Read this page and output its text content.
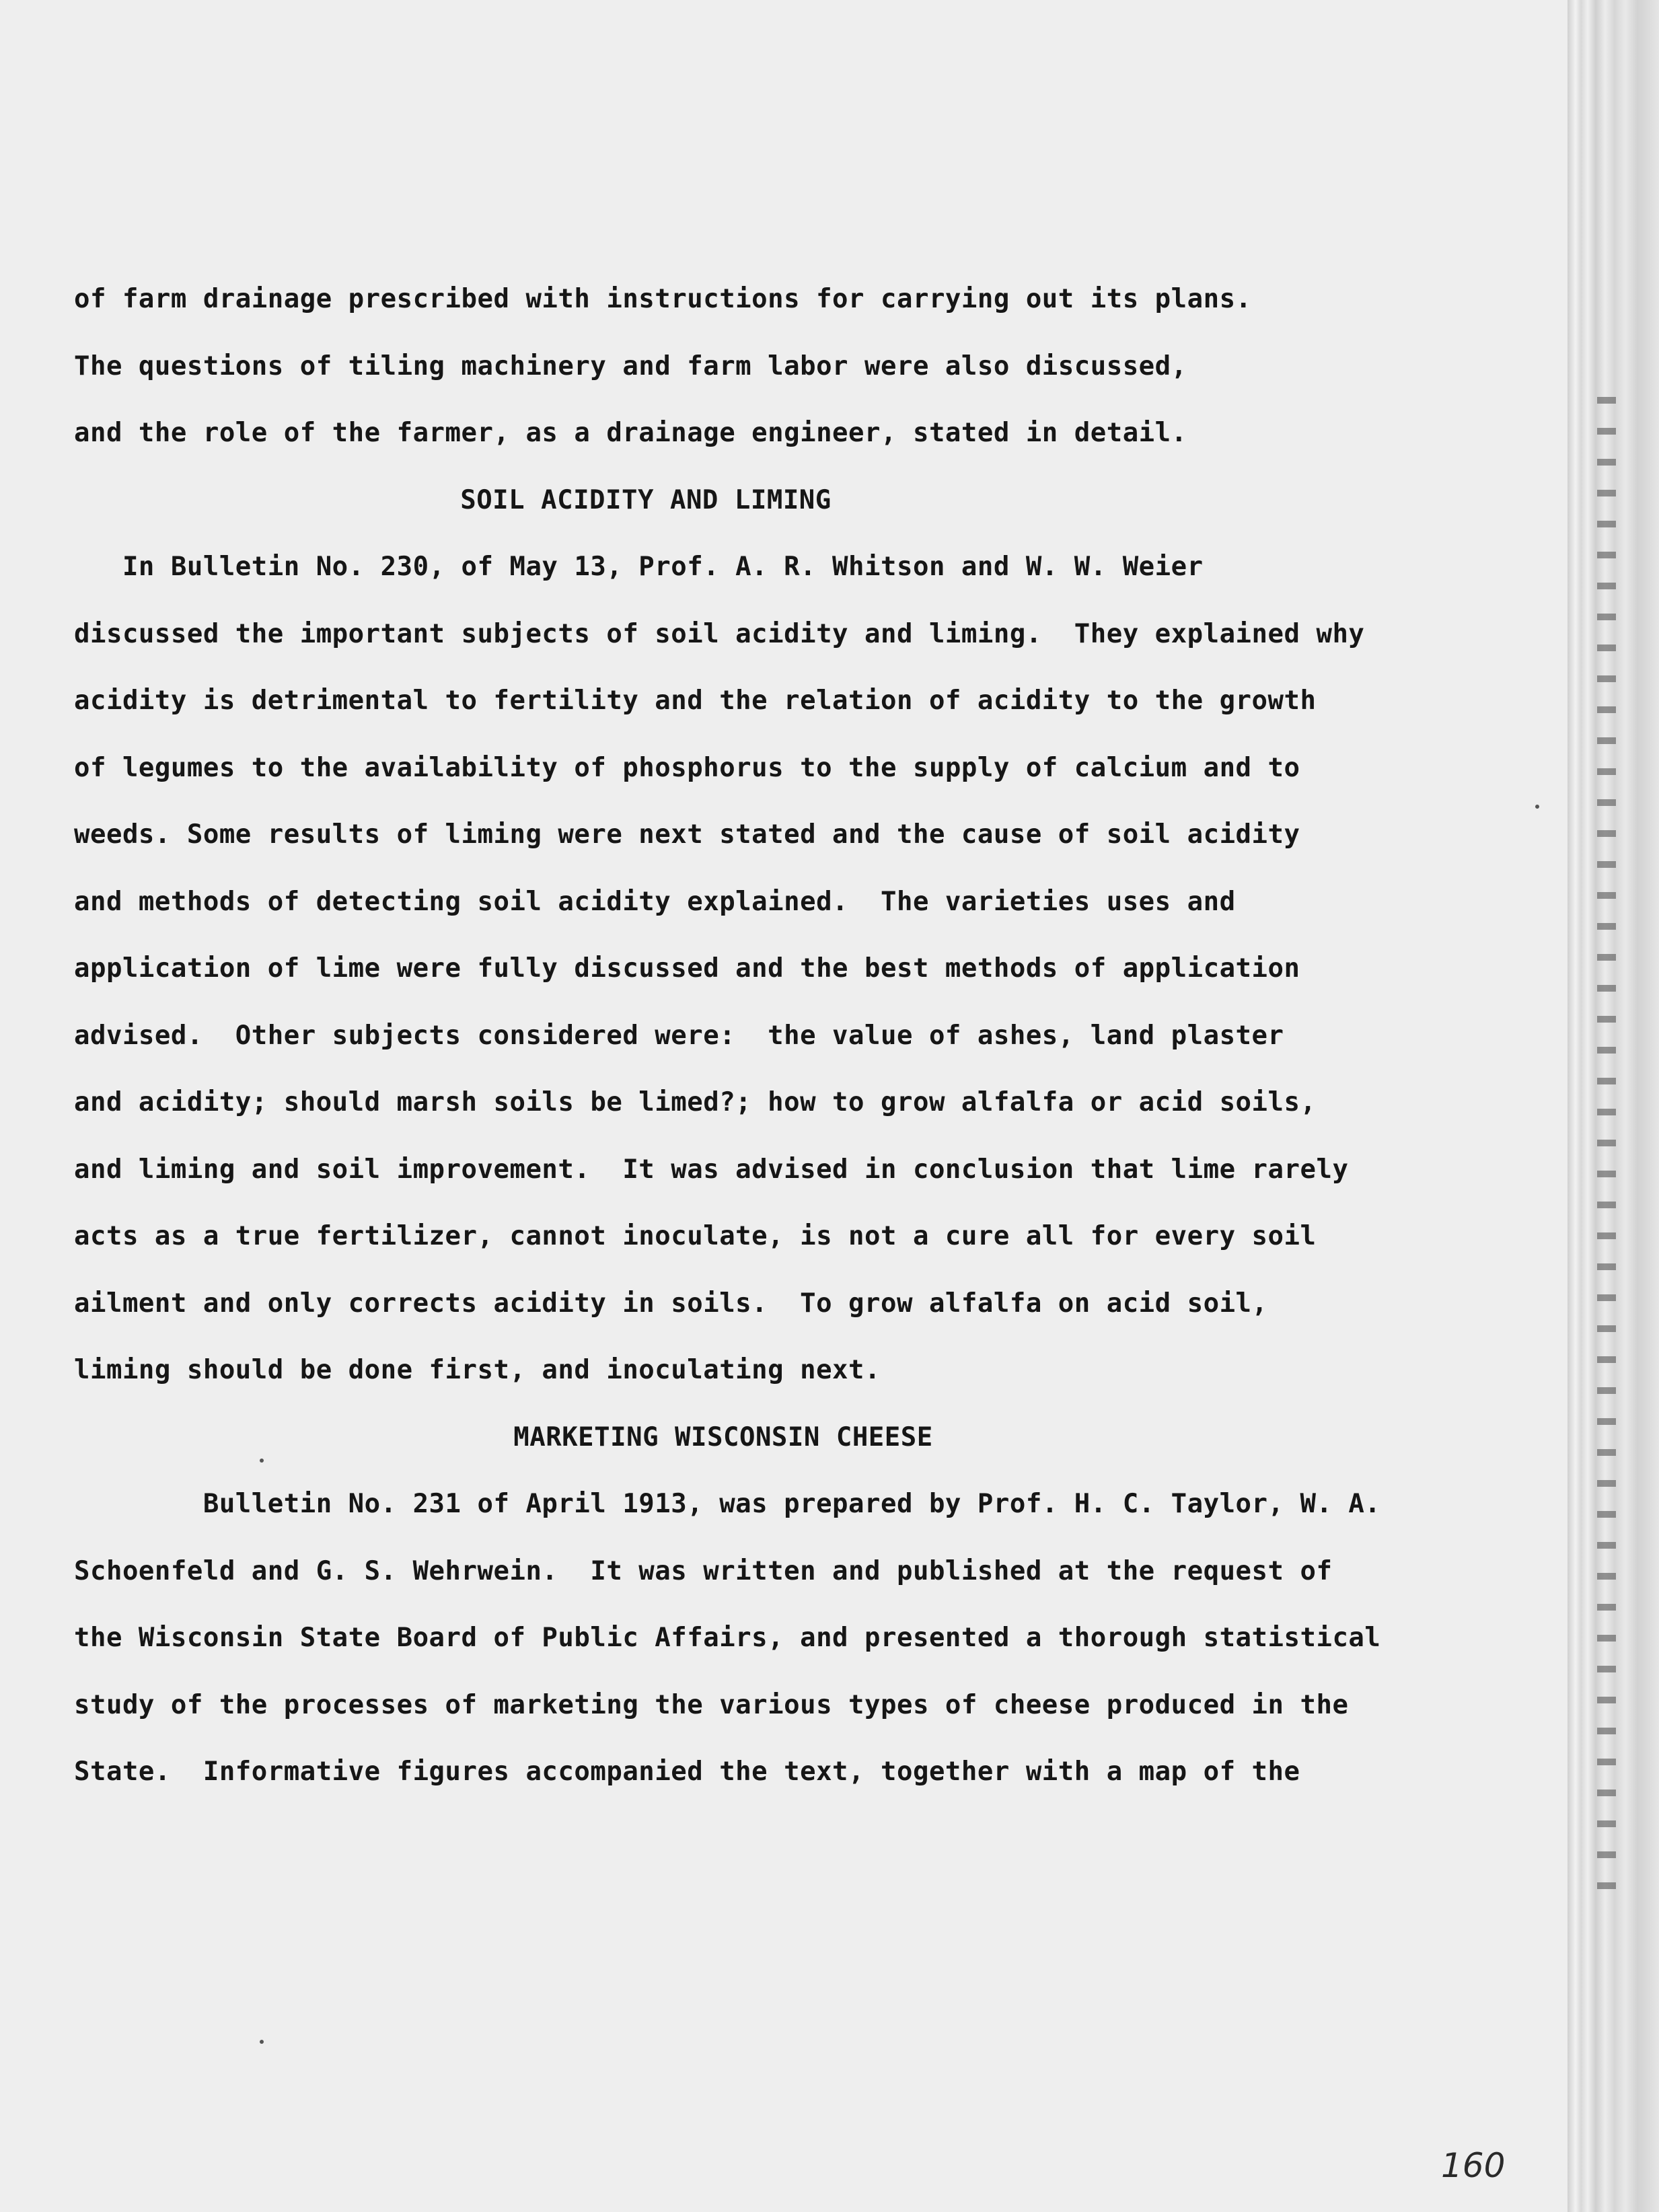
of farm drainage prescribed with instructions for carrying out its plans.
The questions of tiling machinery and farm labor were also discussed,
and the role of the farmer, as a drainage engineer, stated in detail.
SOIL ACIDITY AND LIMING
In Bulletin No. 230, of May 13, Prof. A. R. Whitson and W. W. Weier
discussed the important subjects of soil acidity and liming.  They explained why
acidity is detrimental to fertility and the relation of acidity to the growth
of legumes to the availability of phosphorus to the supply of calcium and to
weeds. Some results of liming were next stated and the cause of soil acidity
and methods of detecting soil acidity explained.  The varieties uses and
application of lime were fully discussed and the best methods of application
advised.  Other subjects considered were:  the value of ashes, land plaster
and acidity; should marsh soils be limed?; how to grow alfalfa or acid soils,
and liming and soil improvement.  It was advised in conclusion that lime rarely
acts as a true fertilizer, cannot inoculate, is not a cure all for every soil
ailment and only corrects acidity in soils.  To grow alfalfa on acid soil,
liming should be done first, and inoculating next.
MARKETING WISCONSIN CHEESE
Bulletin No. 231 of April 1913, was prepared by Prof. H. C. Taylor, W. A.
Schoenfeld and G. S. Wehrwein.  It was written and published at the request of
the Wisconsin State Board of Public Affairs, and presented a thorough statistical
study of the processes of marketing the various types of cheese produced in the
State.  Informative figures accompanied the text, together with a map of the
160
